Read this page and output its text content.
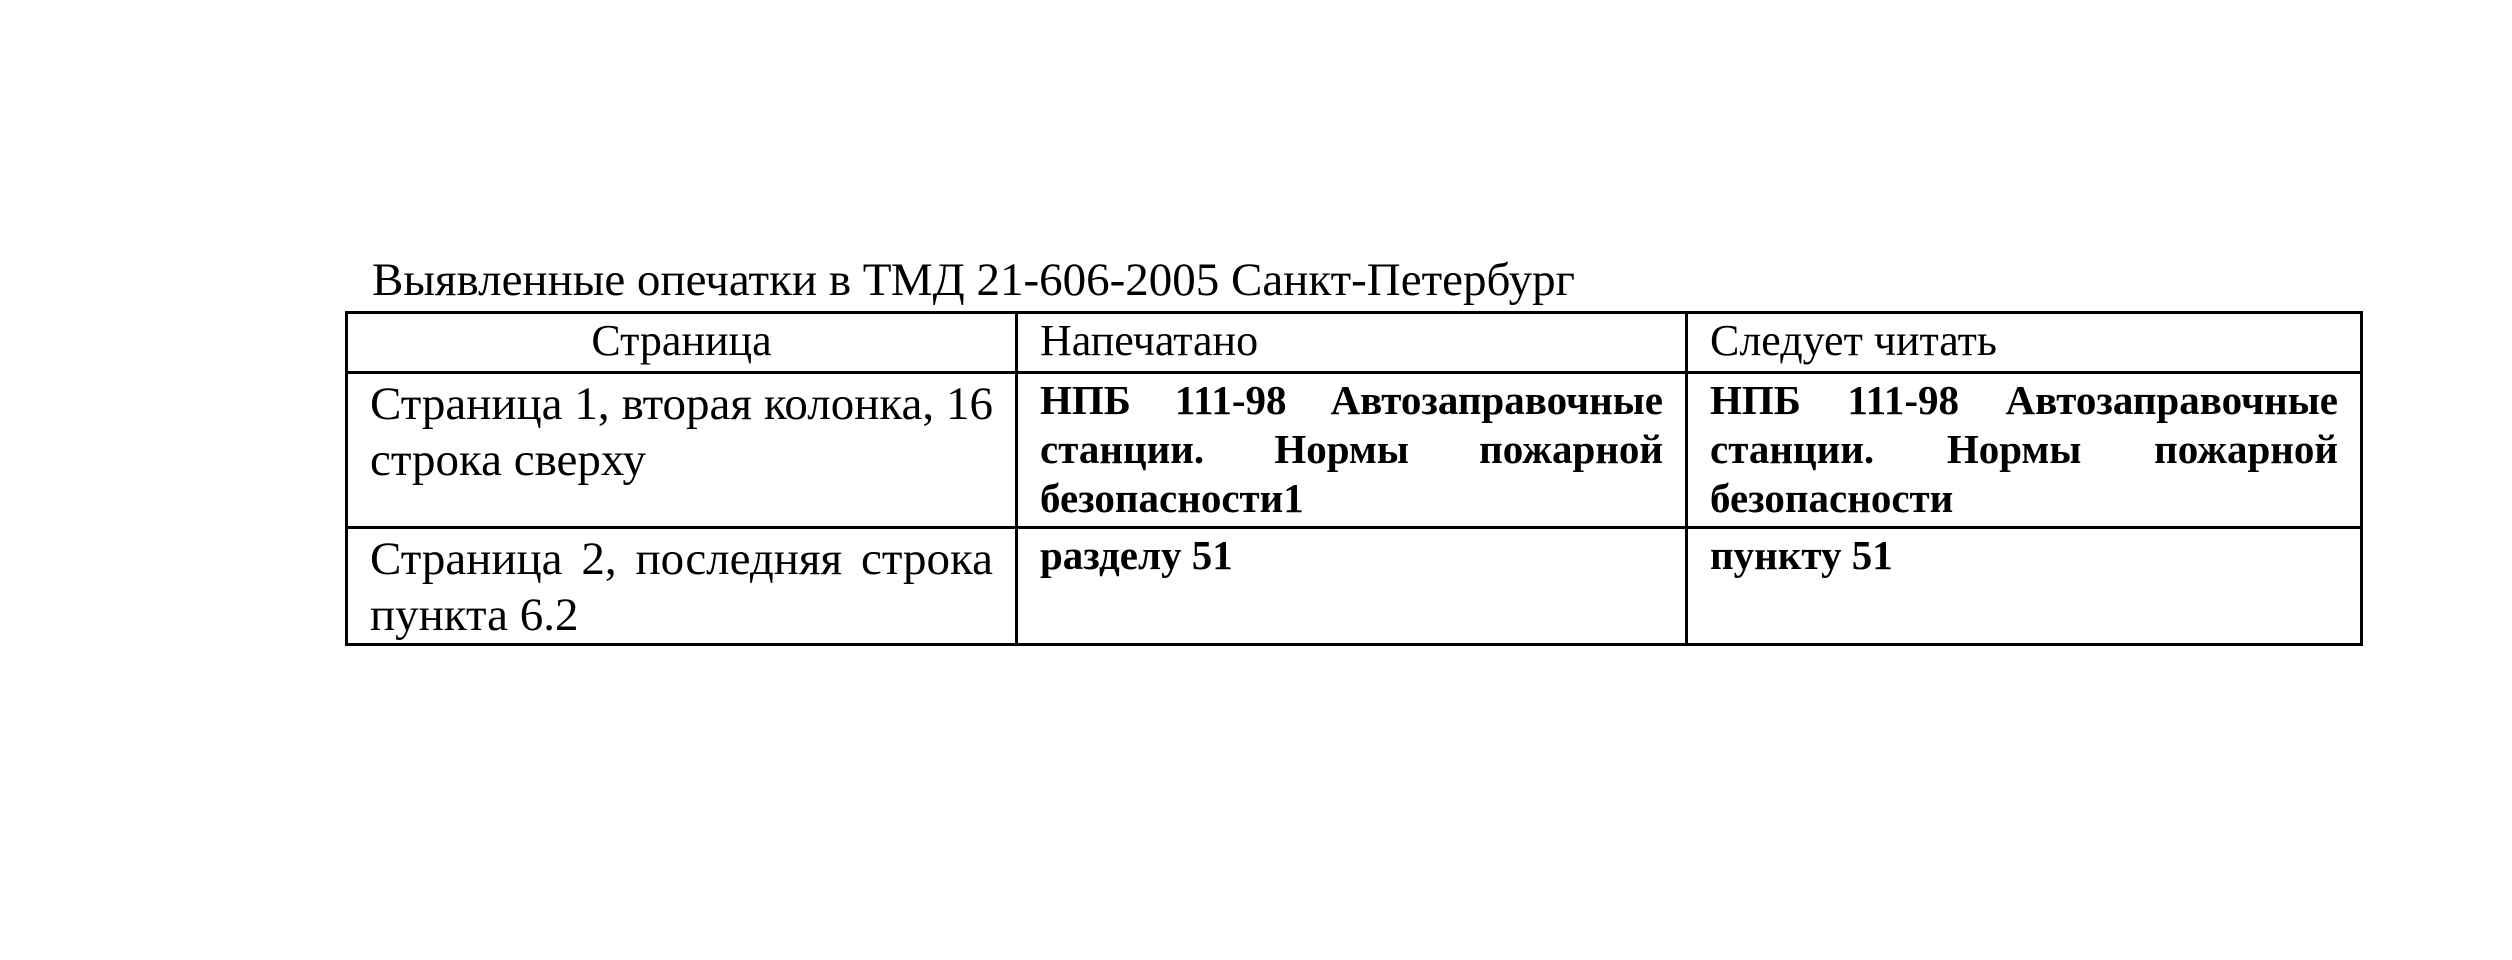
Выявленные опечатки в ТМД 21-606-2005 Санкт-Петербург
Страница	Напечатано	Следует читать
Страница 1, вторая колонка, 16 строка сверху	НПБ 111-98 Автозаправочные станции. Нормы пожарной безопасности1	НПБ 111-98 Автозаправочные станции. Нормы пожарной безопасности
Страница 2, последняя строка пункта 6.2	разделу 51	пункту 51
